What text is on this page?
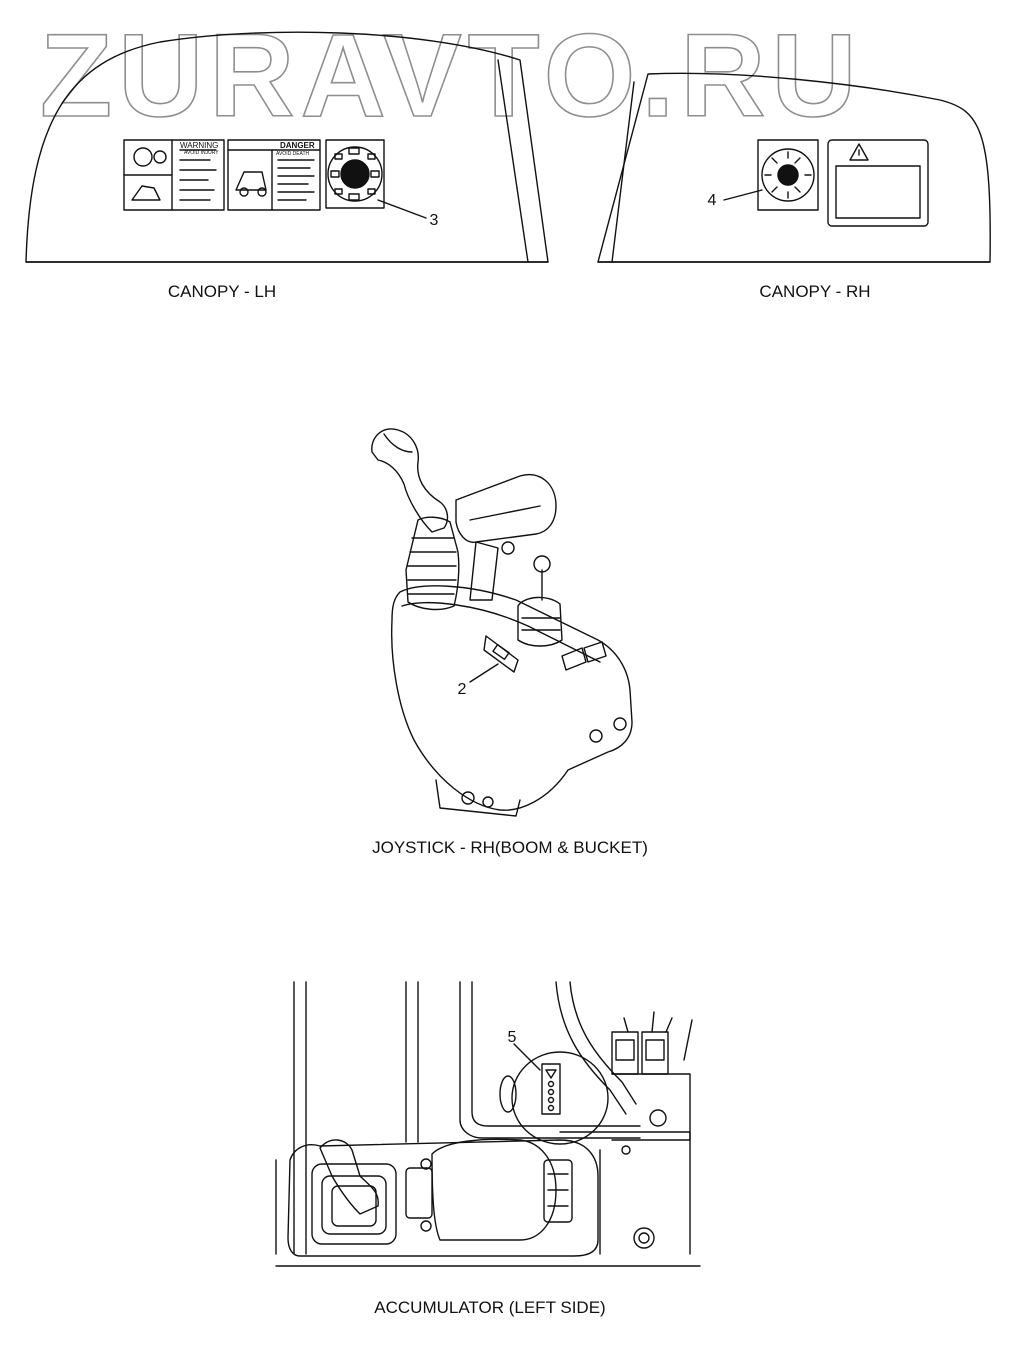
ZURAVTO.RU
WARNING
AVOID INJURY
DANGER
AVOID DEATH
3
4
2
5
CANOPY - LH	CANOPY - RH
JOYSTICK - RH(BOOM & BUCKET)
ACCUMULATOR (LEFT SIDE)
